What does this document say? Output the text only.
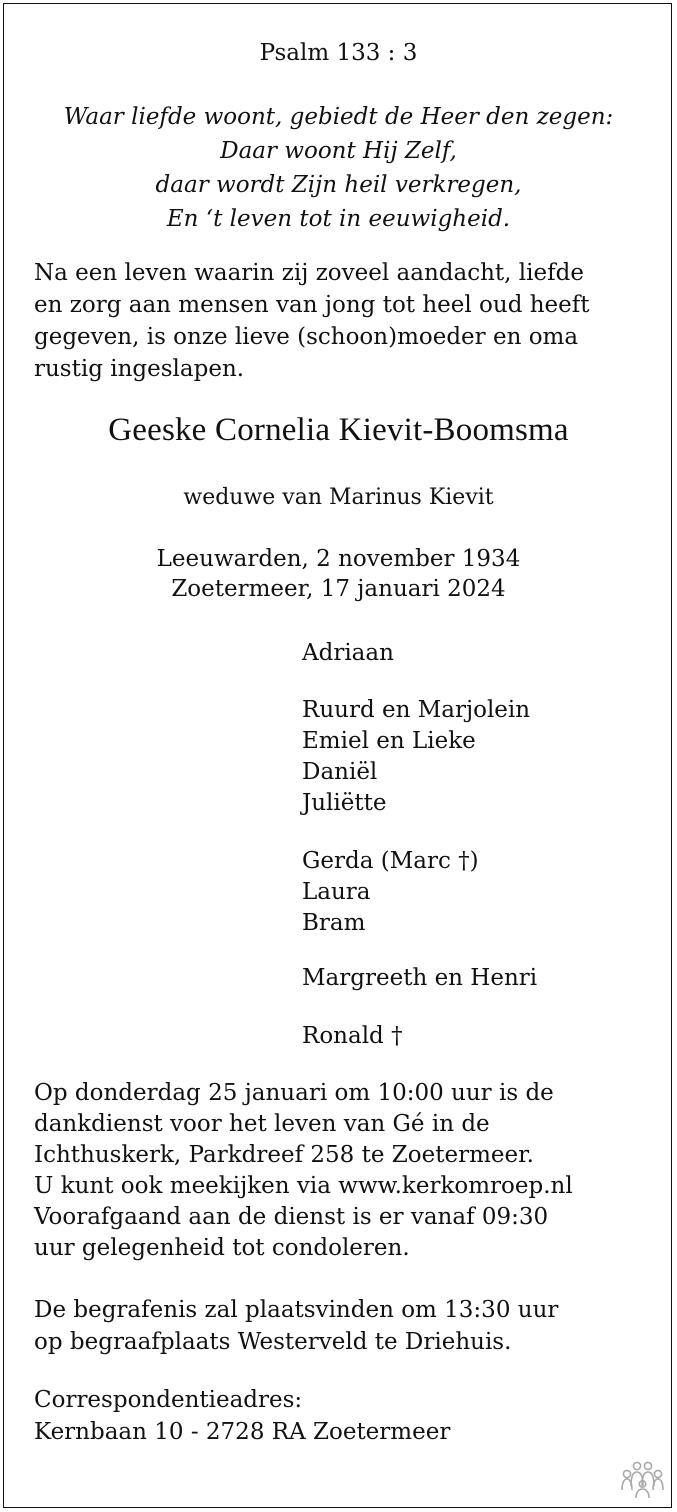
Psalm 133 : 3
Waar liefde woont, gebiedt de Heer den zegen:
Daar woont Hij Zelf,
daar wordt Zijn heil verkregen,
En ‘t leven tot in eeuwigheid.
Na een leven waarin zij zoveel aandacht, liefde
en zorg aan mensen van jong tot heel oud heeft
gegeven, is onze lieve (schoon)moeder en oma
rustig ingeslapen.
Geeske Cornelia Kievit-Boomsma
weduwe van Marinus Kievit
Leeuwarden, 2 november 1934
Zoetermeer, 17 januari 2024
Adriaan
Ruurd en Marjolein
Emiel en Lieke
Daniël
Juliëtte
Gerda (Marc †)
Laura
Bram
Margreeth en Henri
Ronald †
Op donderdag 25 januari om 10:00 uur is de
dankdienst voor het leven van Gé in de
Ichthuskerk, Parkdreef 258 te Zoetermeer.
U kunt ook meekijken via www.kerkomroep.nl
Voorafgaand aan de dienst is er vanaf 09:30
uur gelegenheid tot condoleren.
De begrafenis zal plaatsvinden om 13:30 uur
op begraafplaats Westerveld te Driehuis.
Correspondentieadres:
Kernbaan 10 - 2728 RA Zoetermeer
